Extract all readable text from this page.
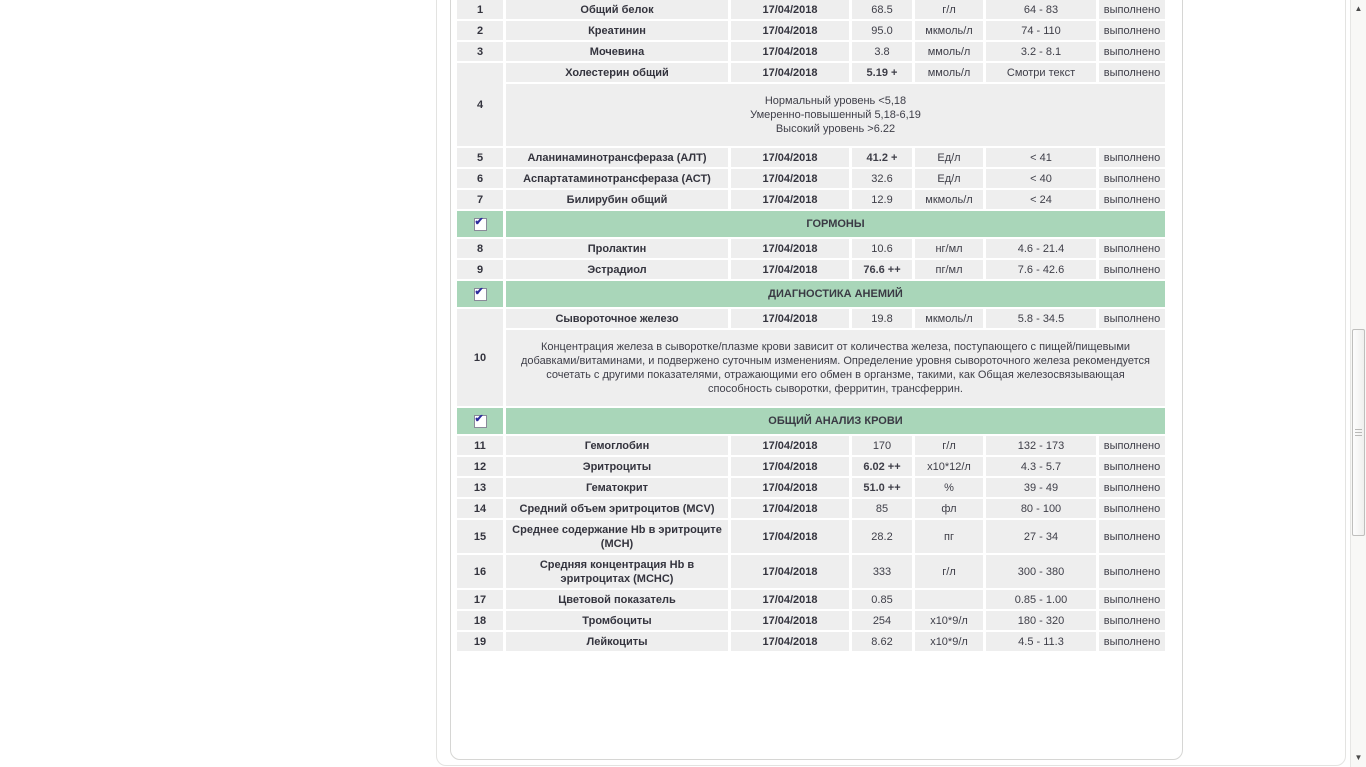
1	Общий белок	17/04/2018	68.5	г/л	64 - 83	выполнено
2	Креатинин	17/04/2018	95.0	мкмоль/л	74 - 110	выполнено
3	Мочевина	17/04/2018	3.8	ммоль/л	3.2 - 8.1	выполнено
4	Холестерин общий	17/04/2018	5.19 +	ммоль/л	Смотри текст	выполнено

	Нормальный уровень <5,18
Умеренно-повышенный 5,18-6,19
Высокий уровень >6.22					

5	Аланинаминотрансфераза (АЛТ)	17/04/2018	41.2 +	Ед/л	< 41	выполнено
6	Аспартатаминотрансфераза (АСТ)	17/04/2018	32.6	Ед/л	< 40	выполнено
7	Билирубин общий	17/04/2018	12.9	мкмоль/л	< 24	выполнено

✔	ГОРМОНЫ					
8	Пролактин	17/04/2018	10.6	нг/мл	4.6 - 21.4	выполнено
9	Эстрадиол	17/04/2018	76.6 ++	пг/мл	7.6 - 42.6	выполнено

✔	ДИАГНОСТИКА АНЕМИЙ					
10	Сывороточное железо	17/04/2018	19.8	мкмоль/л	5.8 - 34.5	выполнено

	Концентрация железа в сыворотке/плазме крови зависит от количества железа, поступающего с пищей/пищевыми добавками/витаминами, и подвержено суточным изменениям. Определение уровня сывороточного железа рекомендуется сочетать с другими показателями, отражающими его обмен в органзме, такими, как Общая железосвязывающая способность сыворотки, ферритин, трансферрин.					

✔	ОБЩИЙ АНАЛИЗ КРОВИ					
11	Гемоглобин	17/04/2018	170	г/л	132 - 173	выполнено
12	Эритроциты	17/04/2018	6.02 ++	х10*12/л	4.3 - 5.7	выполнено
13	Гематокрит	17/04/2018	51.0 ++	%	39 - 49	выполнено
14	Средний объем эритроцитов (MCV)	17/04/2018	85	фл	80 - 100	выполнено
15	Среднее содержание Hb в эритроците (MCH)	17/04/2018	28.2	пг	27 - 34	выполнено
16	Средняя концентрация Hb в эритроцитах (MCHC)	17/04/2018	333	г/л	300 - 380	выполнено
17	Цветовой показатель	17/04/2018	0.85		0.85 - 1.00	выполнено
18	Тромбоциты	17/04/2018	254	х10*9/л	180 - 320	выполнено
19	Лейкоциты	17/04/2018	8.62	х10*9/л	4.5 - 11.3	выполнено
▲
▼
